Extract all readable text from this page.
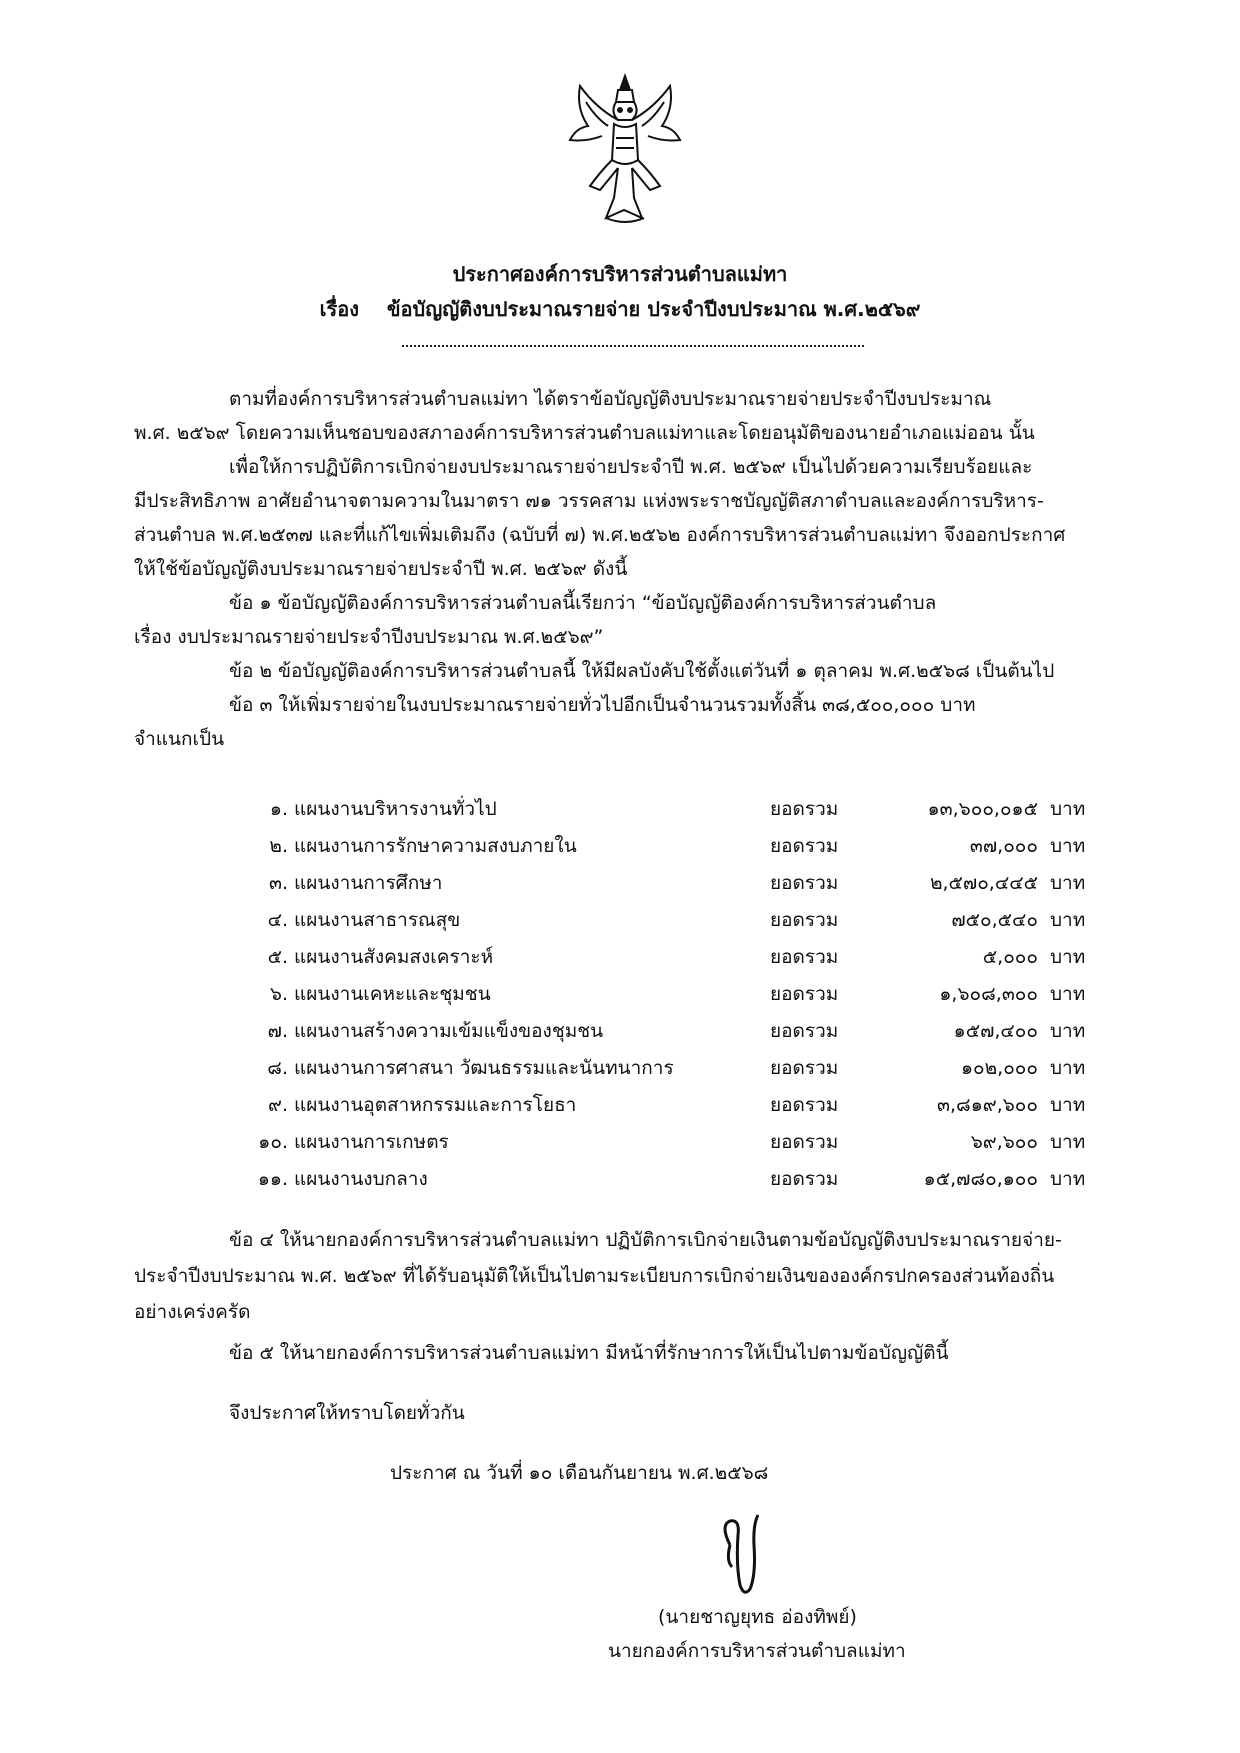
ประกาศองค์การบริหารส่วนตำบลแม่ทา
เรื่อง ข้อบัญญัติงบประมาณรายจ่าย ประจำปีงบประมาณ พ.ศ.๒๕๖๙
ตามที่องค์การบริหารส่วนตำบลแม่ทา ได้ตราข้อบัญญัติงบประมาณรายจ่ายประจำปีงบประมาณ
พ.ศ. ๒๕๖๙ โดยความเห็นชอบของสภาองค์การบริหารส่วนตำบลแม่ทาและโดยอนุมัติของนายอำเภอแม่ออน นั้น
เพื่อให้การปฏิบัติการเบิกจ่ายงบประมาณรายจ่ายประจำปี พ.ศ. ๒๕๖๙ เป็นไปด้วยความเรียบร้อยและ
มีประสิทธิภาพ อาศัยอำนาจตามความในมาตรา ๗๑ วรรคสาม แห่งพระราชบัญญัติสภาตำบลและองค์การบริหาร-
ส่วนตำบล พ.ศ.๒๕๓๗ และที่แก้ไขเพิ่มเติมถึง (ฉบับที่ ๗) พ.ศ.๒๕๖๒ องค์การบริหารส่วนตำบลแม่ทา จึงออกประกาศ
ให้ใช้ข้อบัญญัติงบประมาณรายจ่ายประจำปี พ.ศ. ๒๕๖๙ ดังนี้
ข้อ ๑ ข้อบัญญัติองค์การบริหารส่วนตำบลนี้เรียกว่า “ข้อบัญญัติองค์การบริหารส่วนตำบล
เรื่อง งบประมาณรายจ่ายประจำปีงบประมาณ พ.ศ.๒๕๖๙”
ข้อ ๒ ข้อบัญญัติองค์การบริหารส่วนตำบลนี้ ให้มีผลบังคับใช้ตั้งแต่วันที่ ๑ ตุลาคม พ.ศ.๒๕๖๘ เป็นต้นไป
ข้อ ๓ ให้เพิ่มรายจ่ายในงบประมาณรายจ่ายทั่วไปอีกเป็นจำนวนรวมทั้งสิ้น ๓๘,๕๐๐,๐๐๐ บาท
จำแนกเป็น
๑. แผนงานบริหารงานทั่วไป	ยอดรวม	๑๓,๖๐๐,๐๑๕ บาท
๒. แผนงานการรักษาความสงบภายใน	ยอดรวม	๓๗,๐๐๐ บาท
๓. แผนงานการศึกษา	ยอดรวม	๒,๕๗๐,๔๔๕ บาท
๔. แผนงานสาธารณสุข	ยอดรวม	๗๕๐,๕๔๐ บาท
๕. แผนงานสังคมสงเคราะห์	ยอดรวม	๕,๐๐๐ บาท
๖. แผนงานเคหะและชุมชน	ยอดรวม	๑,๖๐๘,๓๐๐ บาท
๗. แผนงานสร้างความเข้มแข็งของชุมชน	ยอดรวม	๑๕๗,๔๐๐ บาท
๘. แผนงานการศาสนา วัฒนธรรมและนันทนาการ	ยอดรวม	๑๐๒,๐๐๐ บาท
๙. แผนงานอุตสาหกรรมและการโยธา	ยอดรวม	๓,๘๑๙,๖๐๐ บาท
๑๐. แผนงานการเกษตร	ยอดรวม	๖๙,๖๐๐ บาท
๑๑. แผนงานงบกลาง	ยอดรวม	๑๕,๗๘๐,๑๐๐ บาท
ข้อ ๔ ให้นายกองค์การบริหารส่วนตำบลแม่ทา ปฏิบัติการเบิกจ่ายเงินตามข้อบัญญัติงบประมาณรายจ่าย-
ประจำปีงบประมาณ พ.ศ. ๒๕๖๙ ที่ได้รับอนุมัติให้เป็นไปตามระเบียบการเบิกจ่ายเงินขององค์กรปกครองส่วนท้องถิ่น
อย่างเคร่งครัด
ข้อ ๕ ให้นายกองค์การบริหารส่วนตำบลแม่ทา มีหน้าที่รักษาการให้เป็นไปตามข้อบัญญัตินี้
จึงประกาศให้ทราบโดยทั่วกัน
ประกาศ ณ วันที่ ๑๐ เดือนกันยายน พ.ศ.๒๕๖๘
(นายชาญยุทธ อ่องทิพย์)
นายกองค์การบริหารส่วนตำบลแม่ทา
